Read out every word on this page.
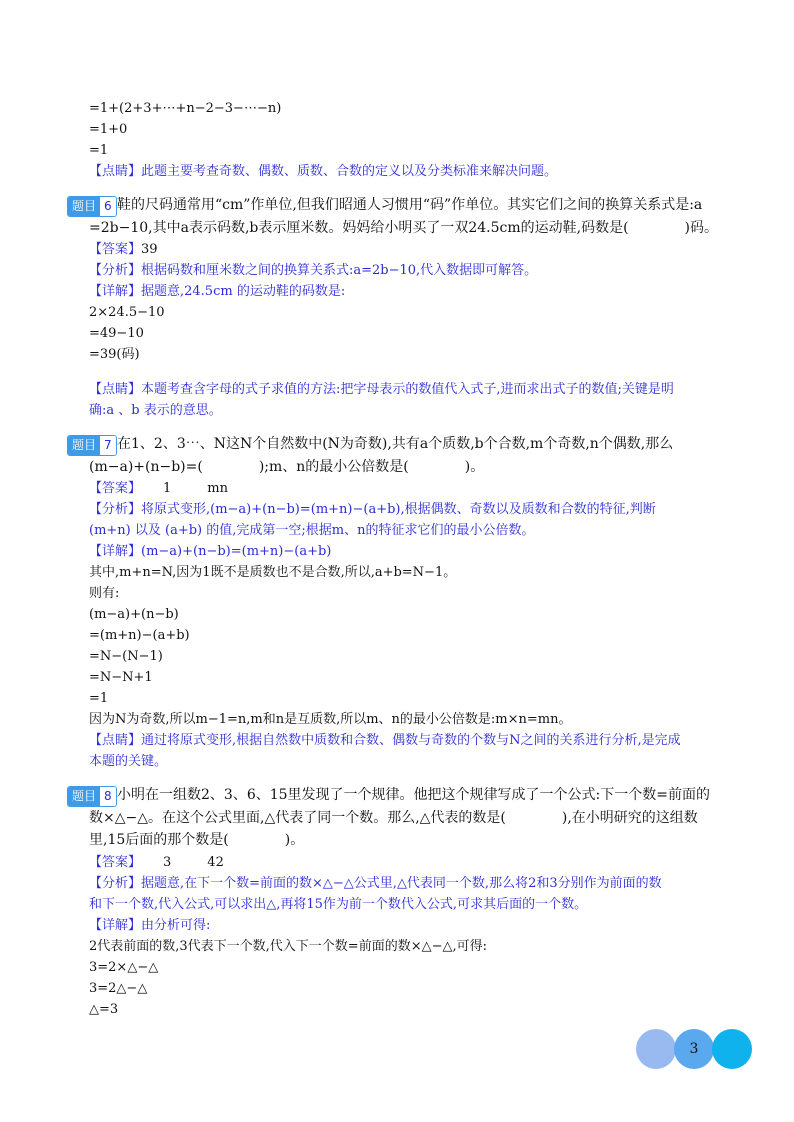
=1+(2+3+⋯+n−2−3−⋯−n)
=1+0
=1
【点睛】此题主要考查奇数、偶数、质数、合数的定义以及分类标准来解决问题。
题目 6 鞋的尺码通常用“cm”作单位,但我们昭通人习惯用“码”作单位。其实它们之间的换算关系式是:a
=2b−10,其中a表示码数,b表示厘米数。妈妈给小明买了一双24.5cm的运动鞋,码数是(　　　　)码。
【答案】39
【分析】根据码数和厘米数之间的换算关系式:a=2b−10,代入数据即可解答。
【详解】据题意,24.5cm 的运动鞋的码数是:
2×24.5−10
=49−10
=39(码)
【点睛】本题考查含字母的式子求值的方法:把字母表示的数值代入式子,进而求出式子的数值;关键是明
确:a 、b 表示的意思。
题目 7 在1、2、3⋯、N这N个自然数中(N为奇数),共有a个质数,b个合数,m个奇数,n个偶数,那么
(m−a)+(n−b)=(　　　　);m、n的最小公倍数是(　　　　)。
【答案】 1	mn
【分析】将原式变形,(m−a)+(n−b)=(m+n)−(a+b),根据偶数、奇数以及质数和合数的特征,判断
(m+n) 以及 (a+b) 的值,完成第一空;根据m、n的特征求它们的最小公倍数。
【详解】(m−a)+(n−b)=(m+n)−(a+b)
其中,m+n=N,因为1既不是质数也不是合数,所以,a+b=N−1。
则有:
(m−a)+(n−b)
=(m+n)−(a+b)
=N−(N−1)
=N−N+1
=1
因为N为奇数,所以m−1=n,m和n是互质数,所以m、n的最小公倍数是:m×n=mn。
【点睛】通过将原式变形,根据自然数中质数和合数、偶数与奇数的个数与N之间的关系进行分析,是完成
本题的关键。
题目 8 小明在一组数2、3、6、15里发现了一个规律。他把这个规律写成了一个公式:下一个数=前面的
数×△−△。在这个公式里面,△代表了同一个数。那么,△代表的数是(　　　　),在小明研究的这组数
里,15后面的那个数是(　　　　)。
【答案】 3	42
【分析】据题意,在下一个数=前面的数×△−△公式里,△代表同一个数,那么将2和3分别作为前面的数
和下一个数,代入公式,可以求出△,再将15作为前一个数代入公式,可求其后面的一个数。
【详解】由分析可得:
2代表前面的数,3代表下一个数,代入下一个数=前面的数×△−△,可得:
3=2×△−△
3=2△−△
△=3
3
